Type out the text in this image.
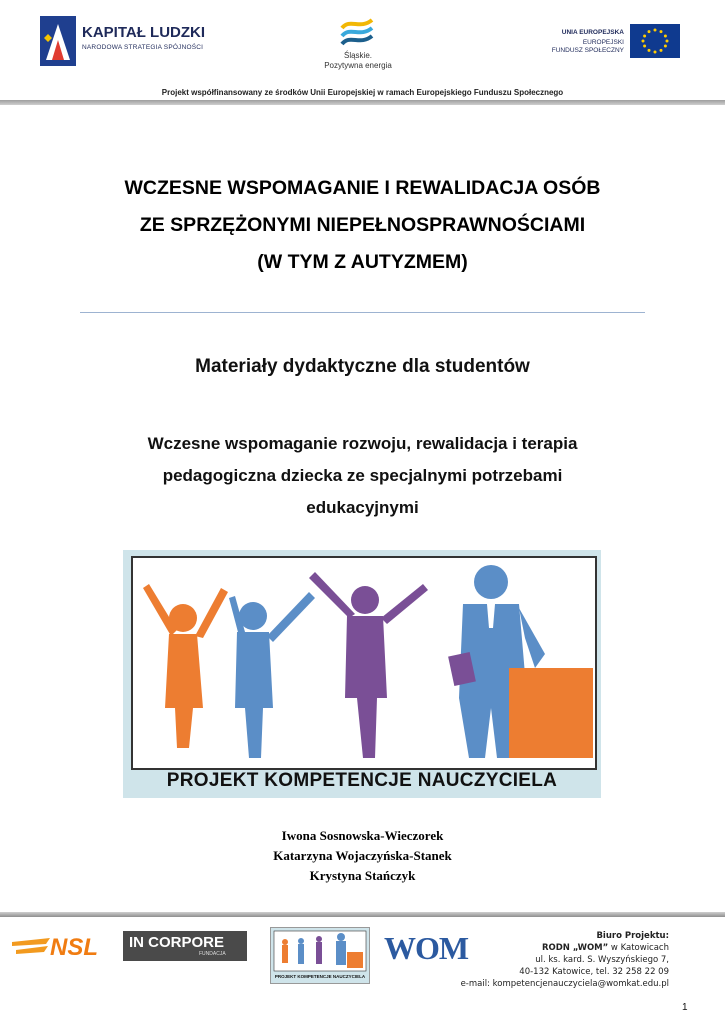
KAPITAŁ LUDZKI
NARODOWA STRATEGIA SPÓJNOŚCI
Śląskie.
Pozytywna energia
UNIA EUROPEJSKA
EUROPEJSKI
FUNDUSZ SPOŁECZNY
Projekt współfinansowany ze środków Unii Europejskiej w ramach Europejskiego Funduszu Społecznego
WCZESNE WSPOMAGANIE I REWALIDACJA OSÓB
ZE SPRZĘŻONYMI NIEPEŁNOSPRAWNOŚCIAMI
(W TYM Z AUTYZMEM)
Materiały dydaktyczne dla studentów
Wczesne wspomaganie rozwoju, rewalidacja i terapia
pedagogiczna dziecka ze specjalnymi potrzebami
edukacyjnymi
PROJEKT KOMPETENCJE NAUCZYCIELA
Iwona Sosnowska-Wieczorek
Katarzyna Wojaczyńska-Stanek
Krystyna Stańczyk
NSL IN CORPORE
FUNDACJA
PROJEKT KOMPETENCJE NAUCZYCIELA
WOM	Biuro Projektu:
RODN „WOM” w Katowicach
ul. ks. kard. S. Wyszyńskiego 7,
40-132 Katowice, tel. 32 258 22 09
e-mail: kompetencjenauczyciela@womkat.edu.pl
1
